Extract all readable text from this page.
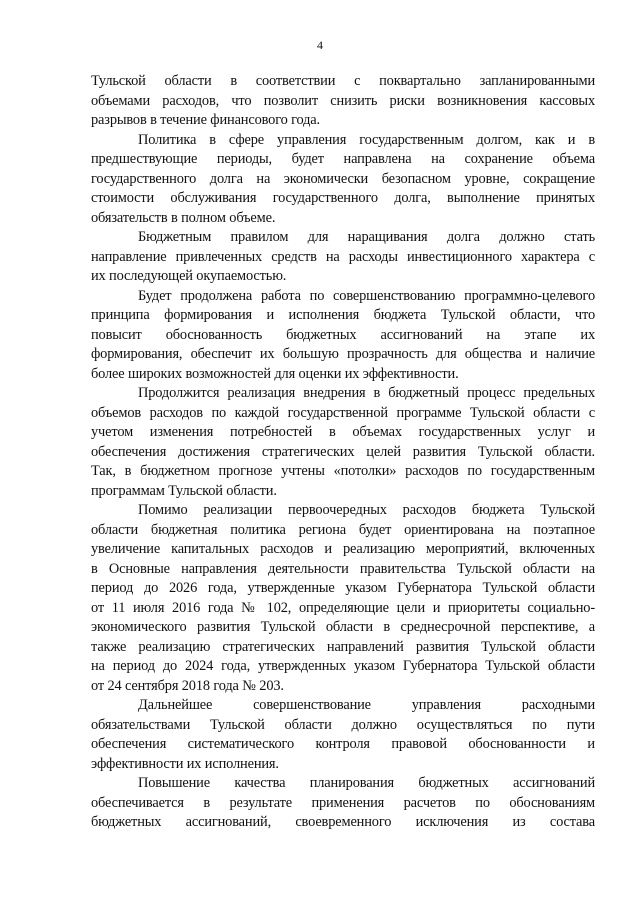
4
Тульской области в соответствии с поквартально запланированными
объемами расходов, что позволит снизить риски возникновения кассовых
разрывов в течение финансового года.
Политика в сфере управления государственным долгом, как и в
предшествующие периоды, будет направлена на сохранение объема
государственного долга на экономически безопасном уровне, сокращение
стоимости обслуживания государственного долга, выполнение принятых
обязательств в полном объеме.
Бюджетным правилом для наращивания долга должно стать
направление привлеченных средств на расходы инвестиционного характера с
их последующей окупаемостью.
Будет продолжена работа по совершенствованию программно-целевого
принципа формирования и исполнения бюджета Тульской области, что
повысит обоснованность бюджетных ассигнований на этапе их
формирования, обеспечит их большую прозрачность для общества и наличие
более широких возможностей для оценки их эффективности.
Продолжится реализация внедрения в бюджетный процесс предельных
объемов расходов по каждой государственной программе Тульской области с
учетом изменения потребностей в объемах государственных услуг и
обеспечения достижения стратегических целей развития Тульской области.
Так, в бюджетном прогнозе учтены «потолки» расходов по государственным
программам Тульской области.
Помимо реализации первоочередных расходов бюджета Тульской
области бюджетная политика региона будет ориентирована на поэтапное
увеличение капитальных расходов и реализацию мероприятий, включенных
в Основные направления деятельности правительства Тульской области на
период до 2026 года, утвержденные указом Губернатора Тульской области
от 11 июля 2016 года № 102, определяющие цели и приоритеты социально-
экономического развития Тульской области в среднесрочной перспективе, а
также реализацию стратегических направлений развития Тульской области
на период до 2024 года, утвержденных указом Губернатора Тульской области
от 24 сентября 2018 года № 203.
Дальнейшее совершенствование управления расходными
обязательствами Тульской области должно осуществляться по пути
обеспечения систематического контроля правовой обоснованности и
эффективности их исполнения.
Повышение качества планирования бюджетных ассигнований
обеспечивается в результате применения расчетов по обоснованиям
бюджетных ассигнований, своевременного исключения из состава
